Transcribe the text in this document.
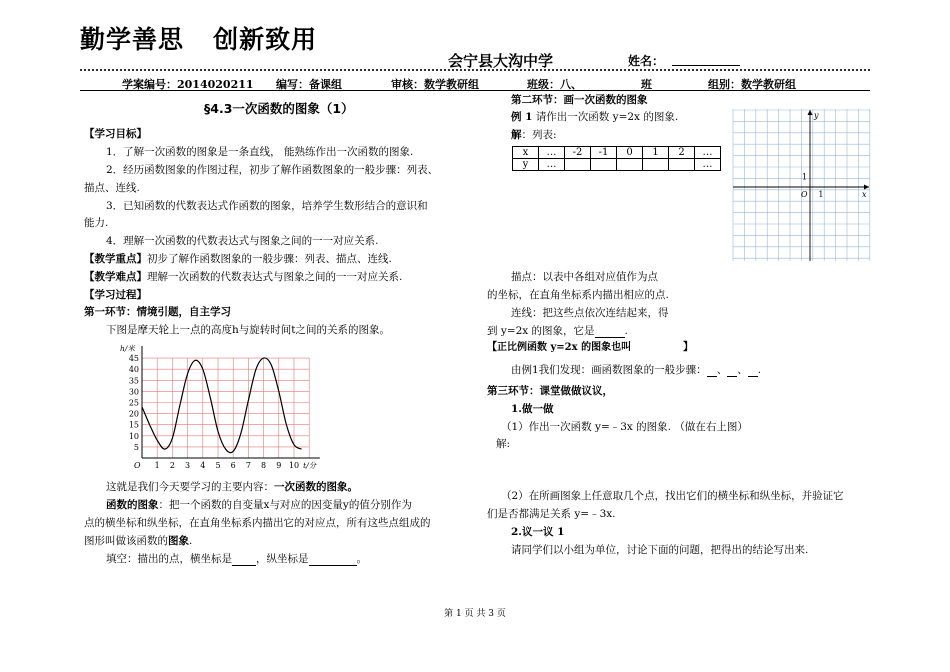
勤学善思   创新致用
会宁县大沟中学	姓名：
学案编号：2014020211 编写：备课组	审核：数学教研组	班级：八、	班	组别：数学教研组
§4.3一次函数的图象（1）
【学习目标】
1．了解一次函数的图象是一条直线， 能熟练作出一次函数的图象.
2．经历函数图象的作图过程，初步了解作函数图象的一般步骤：列表、
描点、连线.
3．已知函数的代数表达式作函数的图象，培养学生数形结合的意识和
能力.
4．理解一次函数的代数表达式与图象之间的一一对应关系.
【教学重点】初步了解作函数图象的一般步骤：列表、描点、连线.
【教学难点】理解一次函数的代数表达式与图象之间的一一对应关系.
【学习过程】
第一环节：情境引题，自主学习
下图是摩天轮上一点的高度h与旋转时间t之间的关系的图象。
5
10
15
20
25
30
35
40
45
1 2 3 4 5 6 7 8 9 10
O
h/米
t/分
这就是我们今天要学习的主要内容：一次函数的图象。
函数的图象：把一个函数的自变量x与对应的因变量y的值分别作为
点的横坐标和纵坐标，在直角坐标系内描出它的对应点，所有这些点组成的
图形叫做该函数的图象.
填空：描出的点，横坐标是 ，纵坐标是	。
第二环节：画一次函数的图象
例 1 请作出一次函数 y=2x 的图象.
解：列表:
x	…	-2	-1	0	1	2	…
y	…						…
y
x
O 1
1
描点：以表中各组对应值作为点
的坐标，在直角坐标系内描出相应的点.
连线：把这些点依次连结起来，得
到 y=2x 的图象，它是	.
【正比例函数 y=2x 的图象也叫	】
由例1我们发现：画函数图象的一般步骤： 、 、 .
第三环节：课堂做做议议，
1.做一做
（1）作出一次函数 y=﹣3x 的图象. （做在右上图）
解:
（2）在所画图象上任意取几个点，找出它们的横坐标和纵坐标，并验证它
们是否都满足关系 y=﹣3x.
2.议一议 1
请同学们以小组为单位，讨论下面的问题，把得出的结论写出来.
第 1 页 共 3 页
